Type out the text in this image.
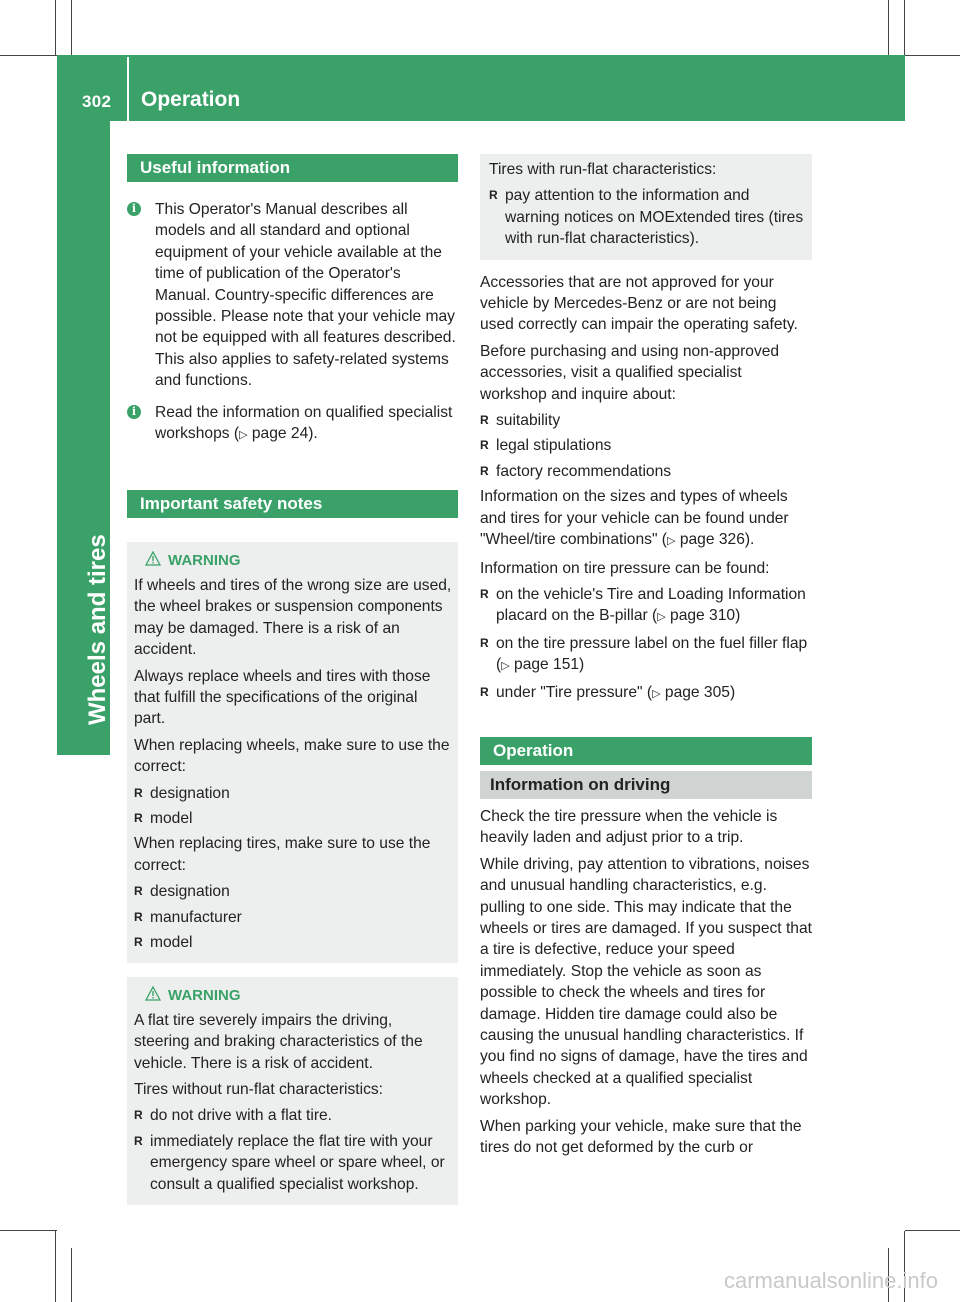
302 Operation
Wheels and tires
Useful information
i	This Operator's Manual describes all models and all standard and optional equipment of your vehicle available at the time of publication of the Operator's Manual. Country-specific differences are possible. Please note that your vehicle may not be equipped with all features described. This also applies to safety-related systems and functions.
i	Read the information on qualified specialist workshops (▷ page 24).
Important safety notes
WARNING

If wheels and tires of the wrong size are used, the wheel brakes or suspension components may be damaged. There is a risk of an accident.

Always replace wheels and tires with those that fulfill the specifications of the original part.

When replacing wheels, make sure to use the correct:

R designation
R model

When replacing tires, make sure to use the correct:

R designation
R manufacturer
R model
WARNING

A flat tire severely impairs the driving, steering and braking characteristics of the vehicle. There is a risk of accident.

Tires without run-flat characteristics:

R do not drive with a flat tire.
R immediately replace the flat tire with your emergency spare wheel or spare wheel, or consult a qualified specialist workshop.

Tires with run-flat characteristics:

R pay attention to the information and warning notices on MOExtended tires (tires with run-flat characteristics).

Accessories that are not approved for your vehicle by Mercedes-Benz or are not being used correctly can impair the operating safety.

Before purchasing and using non-approved accessories, visit a qualified specialist workshop and inquire about:

R suitability
R legal stipulations
R factory recommendations

Information on the sizes and types of wheels and tires for your vehicle can be found under "Wheel/tire combinations" (▷ page 326).

Information on tire pressure can be found:

R on the vehicle's Tire and Loading Information placard on the B-pillar (▷ page 310)
R on the tire pressure label on the fuel filler flap (▷ page 151)
R under "Tire pressure" (▷ page 305)
Operation
Information on driving

Check the tire pressure when the vehicle is heavily laden and adjust prior to a trip.

While driving, pay attention to vibrations, noises and unusual handling characteristics, e.g. pulling to one side. This may indicate that the wheels or tires are damaged. If you suspect that a tire is defective, reduce your speed immediately. Stop the vehicle as soon as possible to check the wheels and tires for damage. Hidden tire damage could also be causing the unusual handling characteristics. If you find no signs of damage, have the tires and wheels checked at a qualified specialist workshop.

When parking your vehicle, make sure that the tires do not get deformed by the curb or

carmanualsonline.info
